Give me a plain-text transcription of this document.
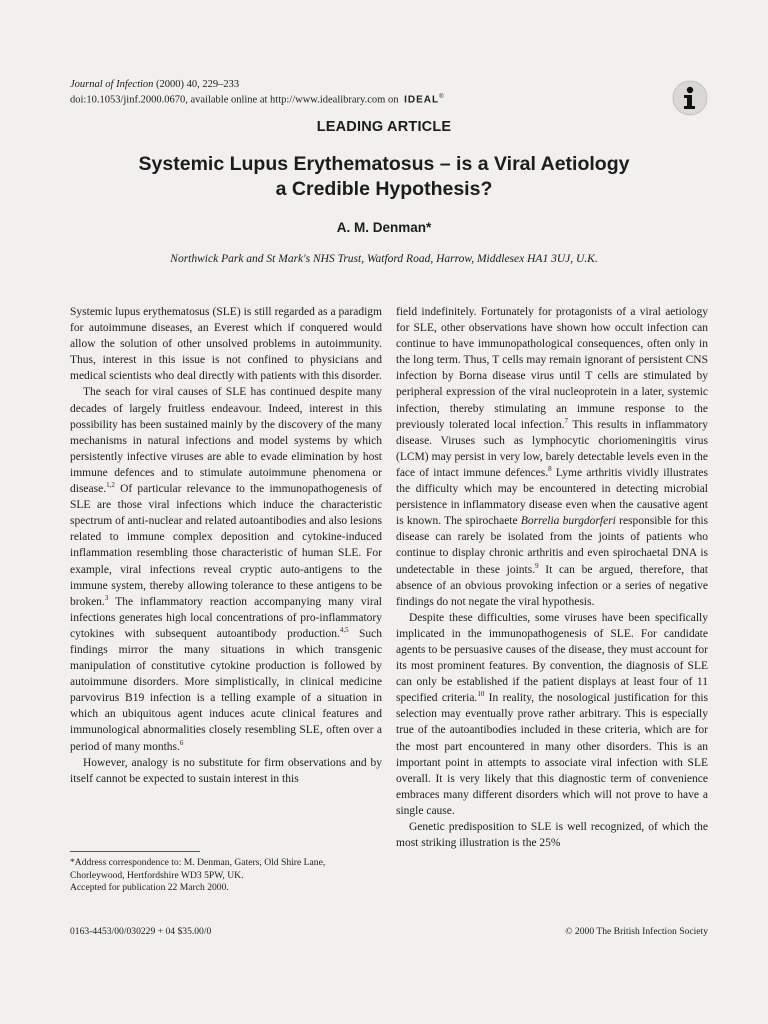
Journal of Infection (2000) 40, 229–233
doi:10.1053/jinf.2000.0670, available online at http://www.idealibrary.com on IDEAL®
LEADING ARTICLE
Systemic Lupus Erythematosus – is a Viral Aetiology
a Credible Hypothesis?
A. M. Denman*
Northwick Park and St Mark's NHS Trust, Watford Road, Harrow, Middlesex HA1 3UJ, U.K.

Systemic lupus erythematosus (SLE) is still regarded as a paradigm for autoimmune diseases, an Everest which if conquered would allow the solution of other unsolved problems in autoimmunity. Thus, interest in this issue is not confined to physicians and medical scientists who deal directly with patients with this disorder.

The seach for viral causes of SLE has continued despite many decades of largely fruitless endeavour. Indeed, interest in this possibility has been sustained mainly by the discovery of the many mechanisms in natural infections and model systems by which persistently infective viruses are able to evade elimination by host immune defences and to stimulate autoimmune phenomena or disease.$^{1,2}$ Of particular relevance to the immunopathogenesis of SLE are those viral infections which induce the characteristic spectrum of anti-nuclear and related autoantibodies and also lesions related to immune complex deposition and cytokine-induced inflammation resembling those characteristic of human SLE. For example, viral infections reveal cryptic auto-antigens to the immune system, thereby allowing tolerance to these antigens to be broken.$^3$ The inflammatory reaction accompanying many viral infections generates high local concentrations of pro-inflammatory cytokines with subsequent autoantibody production.$^{4,5}$ Such findings mirror the many situations in which transgenic manipulation of constitutive cytokine production is followed by autoimmune disorders. More simplistically, in clinical medicine parvovirus B19 infection is a telling example of a situation in which an ubiquitous agent induces acute clinical features and immunological abnormalities closely resembling SLE, often over a period of many months.$^6$

However, analogy is no substitute for firm observations and by itself cannot be expected to sustain interest in this

field indefinitely. Fortunately for protagonists of a viral aetiology for SLE, other observations have shown how occult infection can continue to have immunopathological consequences, often only in the long term. Thus, T cells may remain ignorant of persistent CNS infection by Borna disease virus until T cells are stimulated by peripheral expression of the viral nucleoprotein in a later, systemic infection, thereby stimulating an immune response to the previously tolerated local infection.$^7$ This results in inflammatory disease. Viruses such as lymphocytic choriomeningitis virus (LCM) may persist in very low, barely detectable levels even in the face of intact immune defences.$^8$ Lyme arthritis vividly illustrates the difficulty which may be encountered in detecting microbial persistence in inflammatory disease even when the causative agent is known. The spirochaete Borrelia burgdorferi responsible for this disease can rarely be isolated from the joints of patients who continue to display chronic arthritis and even spirochaetal DNA is undetectable in these joints.$^9$ It can be argued, therefore, that absence of an obvious provoking infection or a series of negative findings do not negate the viral hypothesis.

Despite these difficulties, some viruses have been specifically implicated in the immunopathogenesis of SLE. For candidate agents to be persuasive causes of the disease, they must account for its most prominent features. By convention, the diagnosis of SLE can only be established if the patient displays at least four of 11 specified criteria.$^{10}$ In reality, the nosological justification for this selection may eventually prove rather arbitrary. This is especially true of the autoantibodies included in these criteria, which are for the most part encountered in many other disorders. This is an important point in attempts to associate viral infection with SLE overall. It is very likely that this diagnostic term of convenience embraces many different disorders which will not prove to have a single cause.

Genetic predisposition to SLE is well recognized, of which the most striking illustration is the 25%

*Address correspondence to: M. Denman, Gaters, Old Shire Lane, Chorleywood, Hertfordshire WD3 5PW, UK.
Accepted for publication 22 March 2000.
0163-4453/00/030229 + 04 $35.00/0	© 2000 The British Infection Society
